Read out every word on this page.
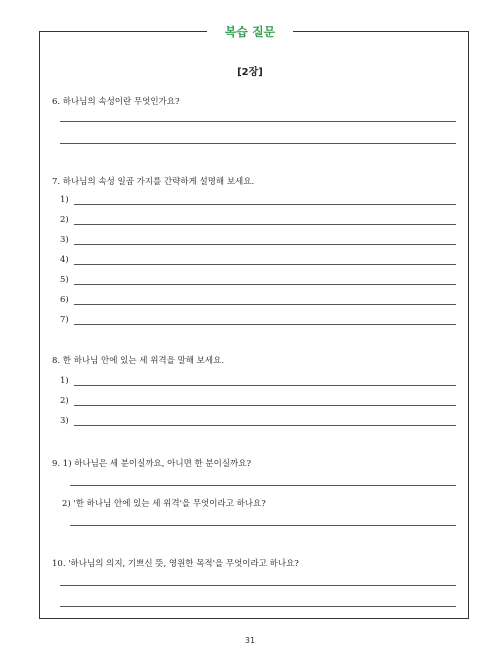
복습 질문
[2장]
6. 하나님의 속성이란 무엇인가요?
7. 하나님의 속성 일곱 가지를 간략하게 설명해 보세요.
1)
2)
3)
4)
5)
6)
7)
8. 한 하나님 안에 있는 세 위격을 말해 보세요.
1)
2)
3)
9. 1) 하나님은 세 분이실까요, 아니면 한 분이실까요?
2) '한 하나님 안에 있는 세 위격'을 무엇이라고 하나요?
10. '하나님의 의지, 기쁘신 뜻, 영원한 목적'을 무엇이라고 하나요?
31
